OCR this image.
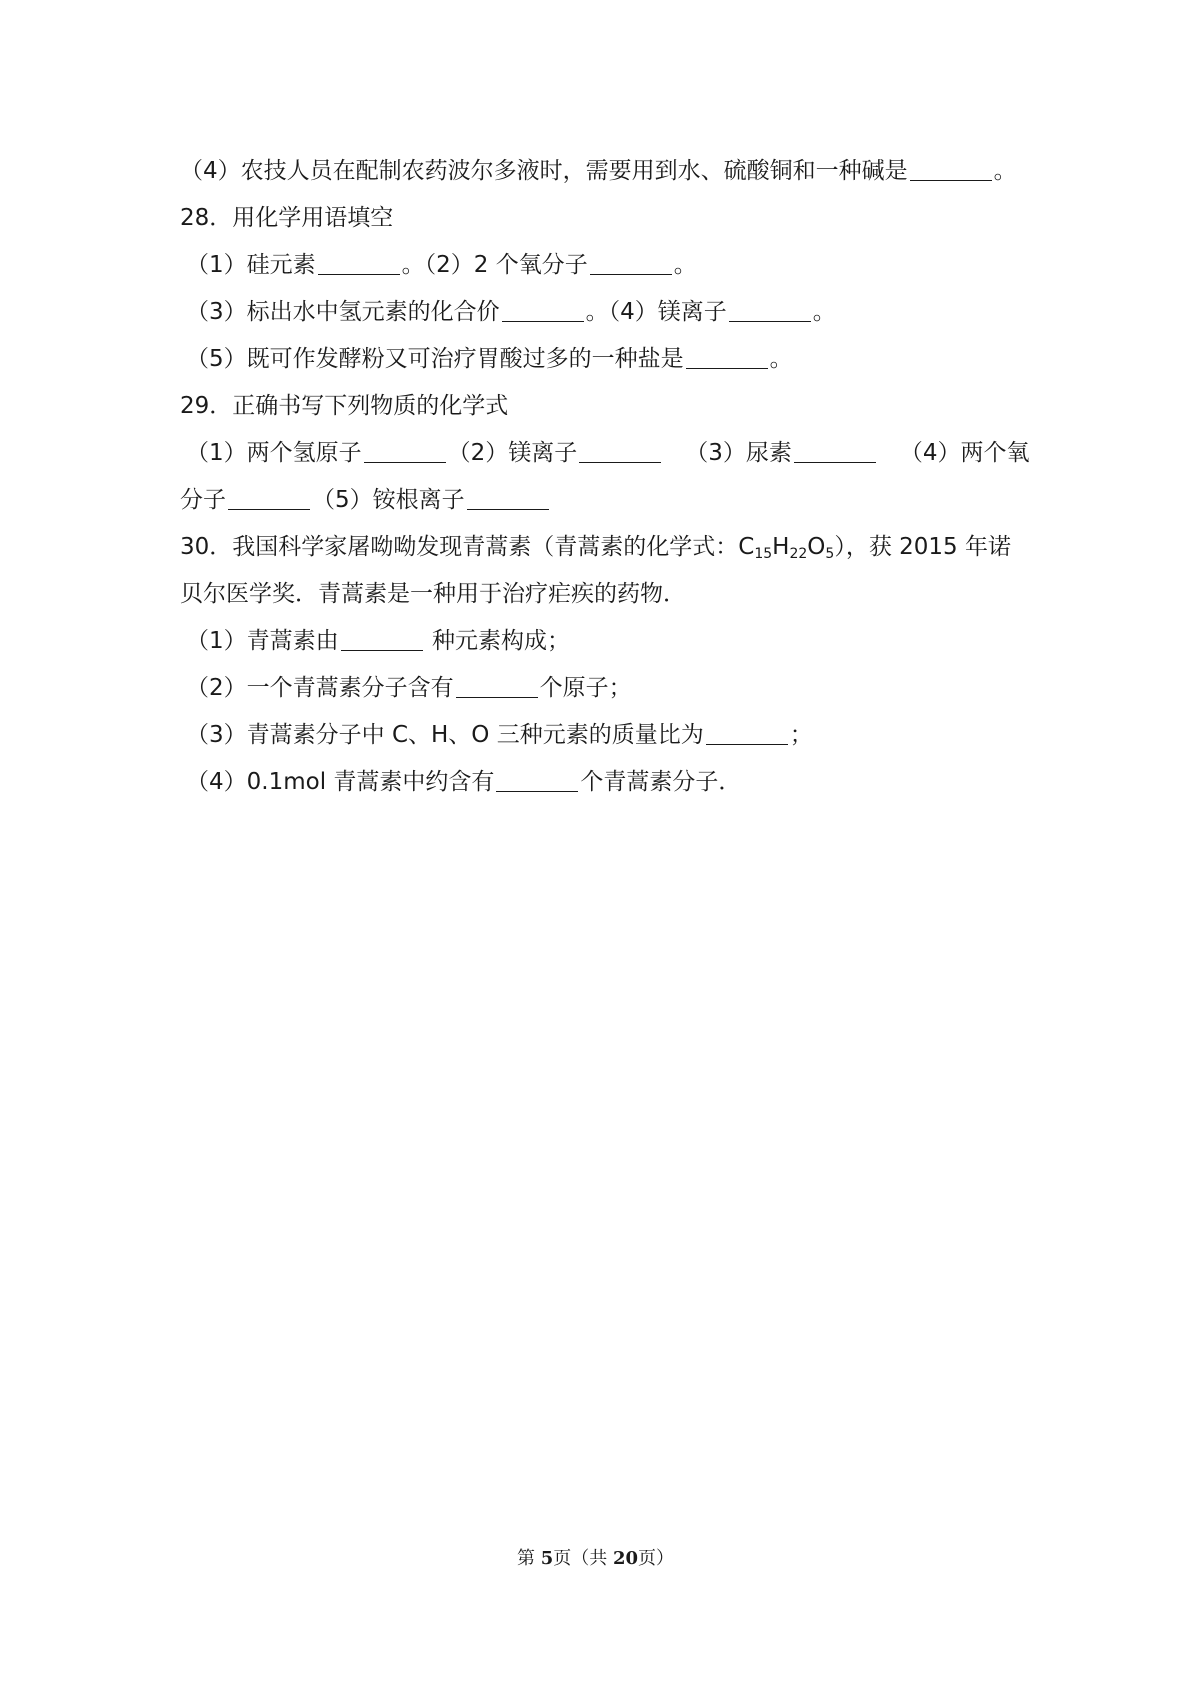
（4）农技人员在配制农药波尔多液时，需要用到水、硫酸铜和一种碱是	。
28．用化学用语填空
（1）硅元素	。（2）2 个氧分子	。
（3）标出水中氢元素的化合价	。（4）镁离子	。
（5）既可作发酵粉又可治疗胃酸过多的一种盐是	。
29．正确书写下列物质的化学式
（1）两个氢原子	（2）镁离子	（3）尿素	（4）两个氧
分子	（5）铵根离子
30．我国科学家屠呦呦发现青蒿素（青蒿素的化学式：$C_{15}H_{22}O_5$），获 2015 年诺
贝尔医学奖．青蒿素是一种用于治疗疟疾的药物．
（1）青蒿素由	种元素构成；
（2）一个青蒿素分子含有	个原子；
（3）青蒿素分子中 C、H、O 三种元素的质量比为	；
（4）0.1mol 青蒿素中约含有	个青蒿素分子．
第 5页（共 20页）
